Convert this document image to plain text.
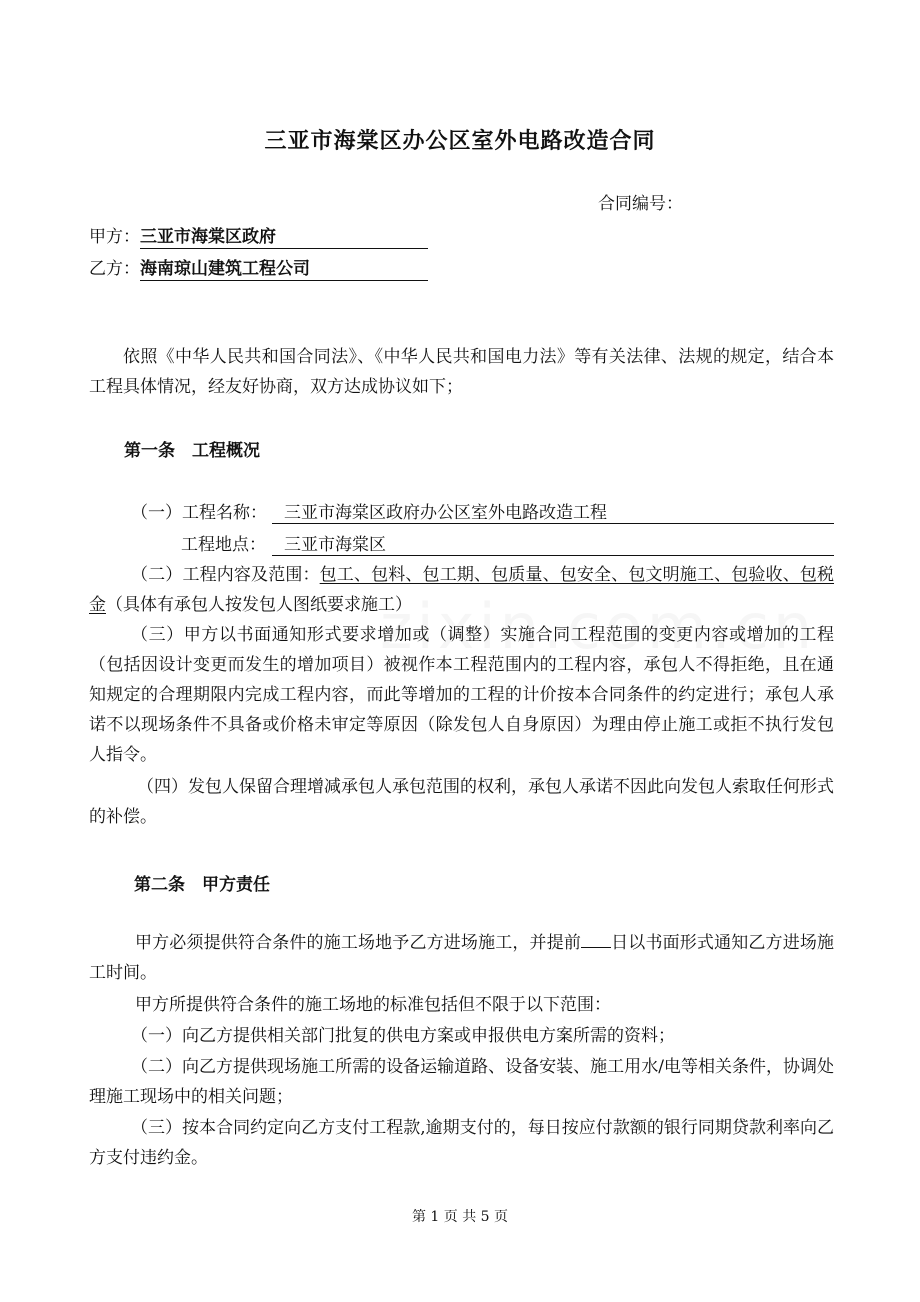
三亚市海棠区办公区室外电路改造合同
合同编号：
甲方：三亚市海棠区政府
乙方：海南琼山建筑工程公司
依照《中华人民共和国合同法》、《中华人民共和国电力法》等有关法律、法规的规定，结合本工程具体情况，经友好协商，双方达成协议如下；
第一条　工程概况
（一）工程名称：	三亚市海棠区政府办公区室外电路改造工程
工程地点：	三亚市海棠区
（二）工程内容及范围：包工、包料、包工期、包质量、包安全、包文明施工、包验收、包税金（具体有承包人按发包人图纸要求施工）
（三）甲方以书面通知形式要求增加或（调整）实施合同工程范围的变更内容或增加的工程（包括因设计变更而发生的增加项目）被视作本工程范围内的工程内容，承包人不得拒绝，且在通知规定的合理期限内完成工程内容，而此等增加的工程的计价按本合同条件的约定进行；承包人承诺不以现场条件不具备或价格未审定等原因（除发包人自身原因）为理由停止施工或拒不执行发包人指令。
（四）发包人保留合理增减承包人承包范围的权利，承包人承诺不因此向发包人索取任何形式的补偿。
第二条　甲方责任
甲方必须提供符合条件的施工场地予乙方进场施工，并提前 日以书面形式通知乙方进场施工时间。
甲方所提供符合条件的施工场地的标准包括但不限于以下范围：
（一）向乙方提供相关部门批复的供电方案或申报供电方案所需的资料；
（二）向乙方提供现场施工所需的设备运输道路、设备安装、施工用水/电等相关条件，协调处理施工现场中的相关问题；
（三）按本合同约定向乙方支付工程款,逾期支付的，每日按应付款额的银行同期贷款利率向乙方支付违约金。
第 1 页 共 5 页
